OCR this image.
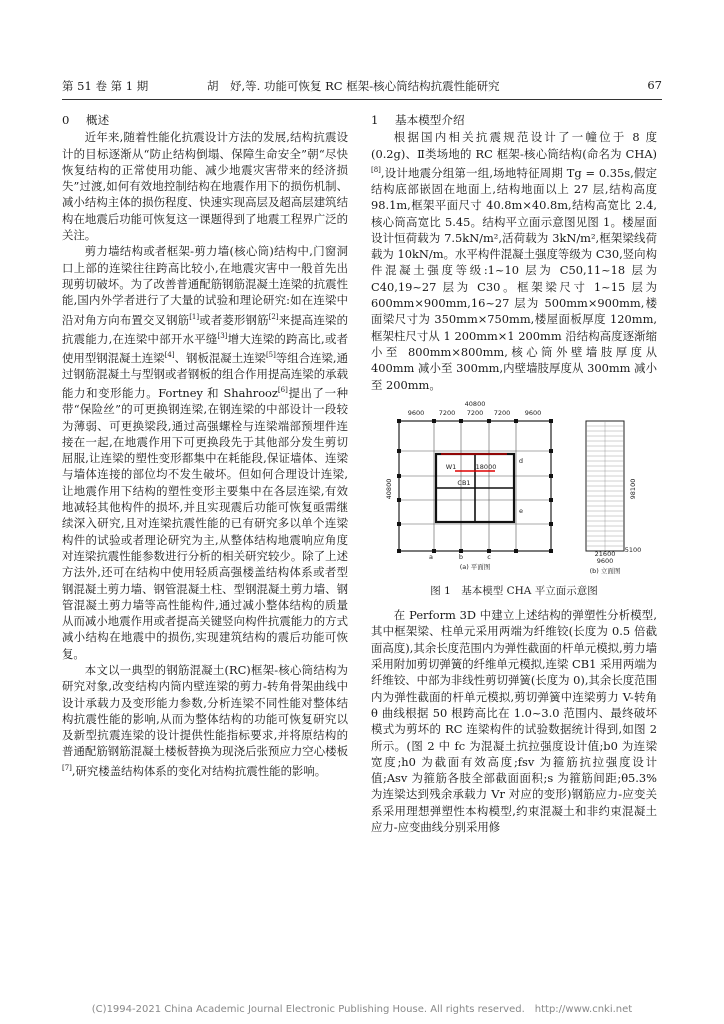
第 51 卷 第 1 期	胡　妤,等. 功能可恢复 RC 框架-核心筒结构抗震性能研究	67
0 概述

近年来,随着性能化抗震设计方法的发展,结构抗震设计的目标逐渐从“防止结构倒塌、保障生命安全”朝“尽快恢复结构的正常使用功能、减少地震灾害带来的经济损失”过渡,如何有效地控制结构在地震作用下的损伤机制、减小结构主体的损伤程度、快速实现高层及超高层建筑结构在地震后功能可恢复这一课题得到了地震工程界广泛的关注。

剪力墙结构或者框架-剪力墙(核心筒)结构中,门窗洞口上部的连梁往往跨高比较小,在地震灾害中一般首先出现剪切破坏。为了改善普通配筋钢筋混凝土连梁的抗震性能,国内外学者进行了大量的试验和理论研究:如在连梁中沿对角方向布置交叉钢筋[1]或者菱形钢筋[2]来提高连梁的抗震能力,在连梁中部开水平缝[3]增大连梁的跨高比,或者使用型钢混凝土连梁[4]、钢板混凝土连梁[5]等组合连梁,通过钢筋混凝土与型钢或者钢板的组合作用提高连梁的承载能力和变形能力。Fortney 和 Shahrooz[6]提出了一种带“保险丝”的可更换钢连梁,在钢连梁的中部设计一段较为薄弱、可更换梁段,通过高强螺栓与连梁端部预埋件连接在一起,在地震作用下可更换段先于其他部分发生剪切屈服,让连梁的塑性变形都集中在耗能段,保证墙体、连梁与墙体连接的部位均不发生破坏。但如何合理设计连梁,让地震作用下结构的塑性变形主要集中在各层连梁,有效地减轻其他构件的损坏,并且实现震后功能可恢复亟需继续深入研究,且对连梁抗震性能的已有研究多以单个连梁构件的试验或者理论研究为主,从整体结构地震响应角度对连梁抗震性能参数进行分析的相关研究较少。除了上述方法外,还可在结构中使用轻质高强楼盖结构体系或者型钢混凝土剪力墙、钢管混凝土柱、型钢混凝土剪力墙、钢管混凝土剪力墙等高性能构件,通过减小整体结构的质量从而减小地震作用或者提高关键竖向构件抗震能力的方式减小结构在地震中的损伤,实现建筑结构的震后功能可恢复。

本文以一典型的钢筋混凝土(RC)框架-核心筒结构为研究对象,改变结构内筒内壁连梁的剪力-转角骨架曲线中设计承载力及变形能力参数,分析连梁不同性能对整体结构抗震性能的影响,从而为整体结构的功能可恢复研究以及新型抗震连梁的设计提供性能指标要求,并将原结构的普通配筋钢筋混凝土楼板替换为现浇后张预应力空心楼板[7],研究楼盖结构体系的变化对结构抗震性能的影响。

1 基本模型介绍

根据国内相关抗震规范设计了一幢位于 8 度(0.2g)、Ⅱ类场地的 RC 框架-核心筒结构(命名为 CHA)[8],设计地震分组第一组,场地特征周期 Tg = 0.35s,假定结构底部嵌固在地面上,结构地面以上 27 层,结构高度 98.1m,框架平面尺寸 40.8m×40.8m,结构高宽比 2.4,核心筒高宽比 5.45。结构平立面示意图见图 1。楼屋面设计恒荷载为 7.5kN/m²,活荷载为 3kN/m²,框架梁线荷载为 10kN/m。水平构件混凝土强度等级为 C30,竖向构件混凝土强度等级:1~10 层为 C50,11~18 层为 C40,19~27 层为 C30。框架梁尺寸 1~15 层为 600mm×900mm,16~27 层为 500mm×900mm,楼面梁尺寸为 350mm×750mm,楼屋面板厚度 120mm,框架柱尺寸从 1 200mm×1 200mm 沿结构高度逐渐缩小至 800mm×800mm,核心筒外壁墙肢厚度从 400mm 减小至 300mm,内壁墙肢厚度从 300mm 减小至 200mm。

9600 7200 7200 7200 9600
40800
40800
W1	18000
CB1
(a) 平面图
a	b	c
d
e
9600
21600
98100
5100
(b) 立面图
图 1　基本模型 CHA 平立面示意图

在 Perform 3D 中建立上述结构的弹塑性分析模型,其中框架梁、柱单元采用两端为纤维铰(长度为 0.5 倍截面高度),其余长度范围内为弹性截面的杆单元模拟,剪力墙采用附加剪切弹簧的纤维单元模拟,连梁 CB1 采用两端为纤维铰、中部为非线性剪切弹簧(长度为 0),其余长度范围内为弹性截面的杆单元模拟,剪切弹簧中连梁剪力 V-转角 θ 曲线根据 50 根跨高比在 1.0~3.0 范围内、最终破坏模式为剪坏的 RC 连梁构件的试验数据统计得到,如图 2 所示。(图 2 中 fc 为混凝土抗拉强度设计值;b0 为连梁宽度;h0 为截面有效高度;fsv 为箍筋抗拉强度设计值;Asv 为箍筋各肢全部截面面积;s 为箍筋间距;θ5.3% 为连梁达到残余承载力 Vr 对应的变形)钢筋应力-应变关系采用理想弹塑性本构模型,约束混凝土和非约束混凝土应力-应变曲线分别采用修

(C)1994-2021 China Academic Journal Electronic Publishing House. All rights reserved.　http://www.cnki.net
